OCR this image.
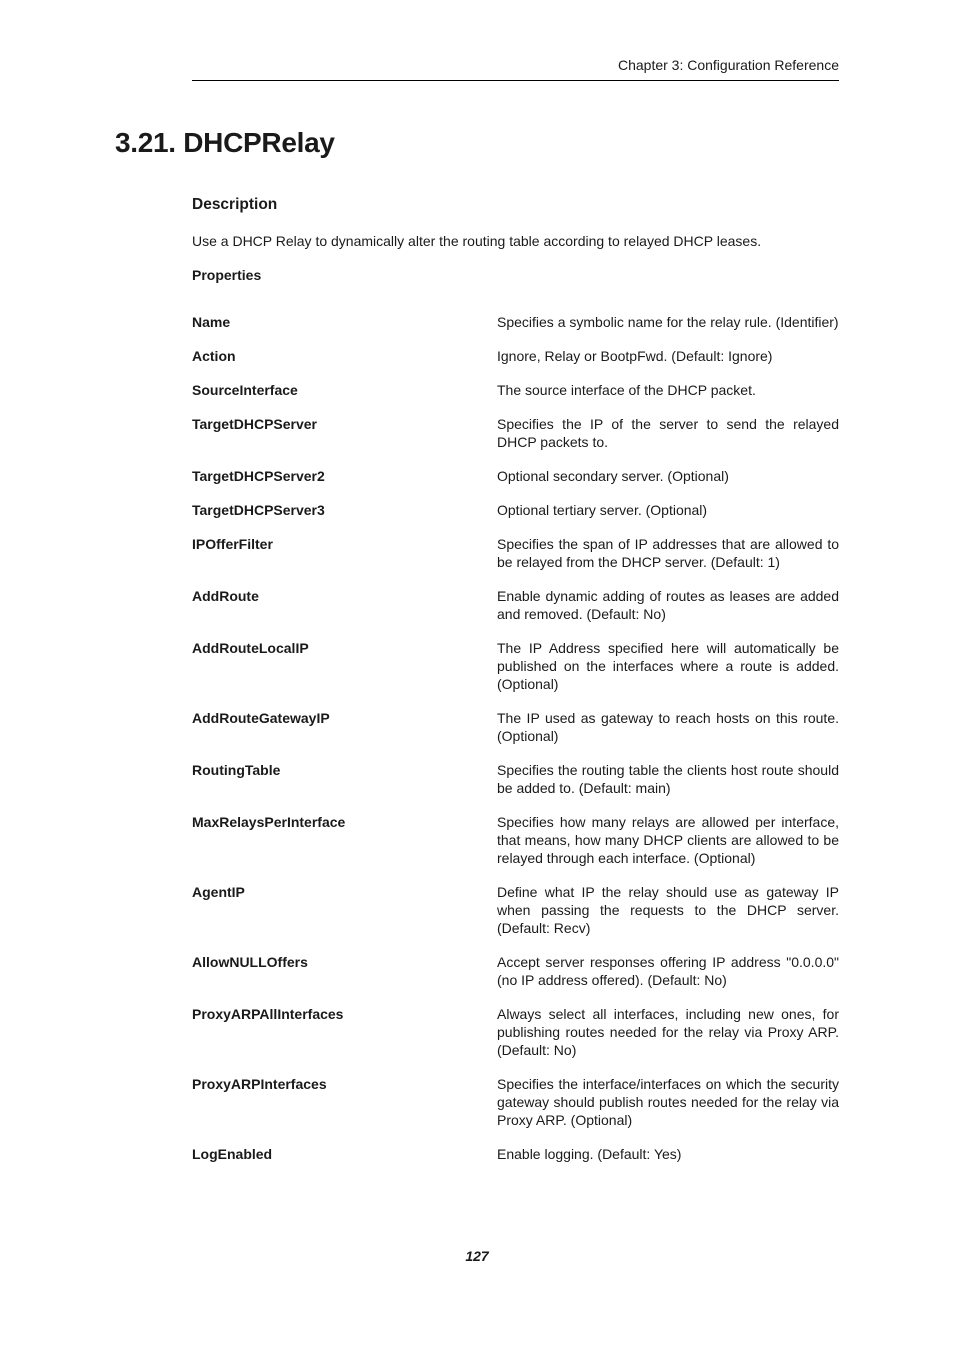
Chapter 3: Configuration Reference
3.21. DHCPRelay
Description

Use a DHCP Relay to dynamically alter the routing table according to relayed DHCP leases.

Properties
Name	Specifies a symbolic name for the relay rule. (Identifier)
Action	Ignore, Relay or BootpFwd. (Default: Ignore)
SourceInterface	The source interface of the DHCP packet.
TargetDHCPServer	Specifies the IP of the server to send the relayed DHCP packets to.
TargetDHCPServer2	Optional secondary server. (Optional)
TargetDHCPServer3	Optional tertiary server. (Optional)
IPOfferFilter	Specifies the span of IP addresses that are allowed to be relayed from the DHCP server. (Default: 1)
AddRoute	Enable dynamic adding of routes as leases are added and removed. (Default: No)
AddRouteLocalIP	The IP Address specified here will automatically be published on the interfaces where a route is added. (Optional)
AddRouteGatewayIP	The IP used as gateway to reach hosts on this route. (Optional)
RoutingTable	Specifies the routing table the clients host route should be added to. (Default: main)
MaxRelaysPerInterface	Specifies how many relays are allowed per interface, that means, how many DHCP clients are allowed to be relayed through each interface. (Optional)
AgentIP	Define what IP the relay should use as gateway IP when passing the requests to the DHCP server. (Default: Recv)
AllowNULLOffers	Accept server responses offering IP address "0.0.0.0" (no IP address offered). (Default: No)
ProxyARPAllInterfaces	Always select all interfaces, including new ones, for publishing routes needed for the relay via Proxy ARP. (Default: No)
ProxyARPInterfaces	Specifies the interface/interfaces on which the security gateway should publish routes needed for the relay via Proxy ARP. (Optional)
LogEnabled	Enable logging. (Default: Yes)
127
